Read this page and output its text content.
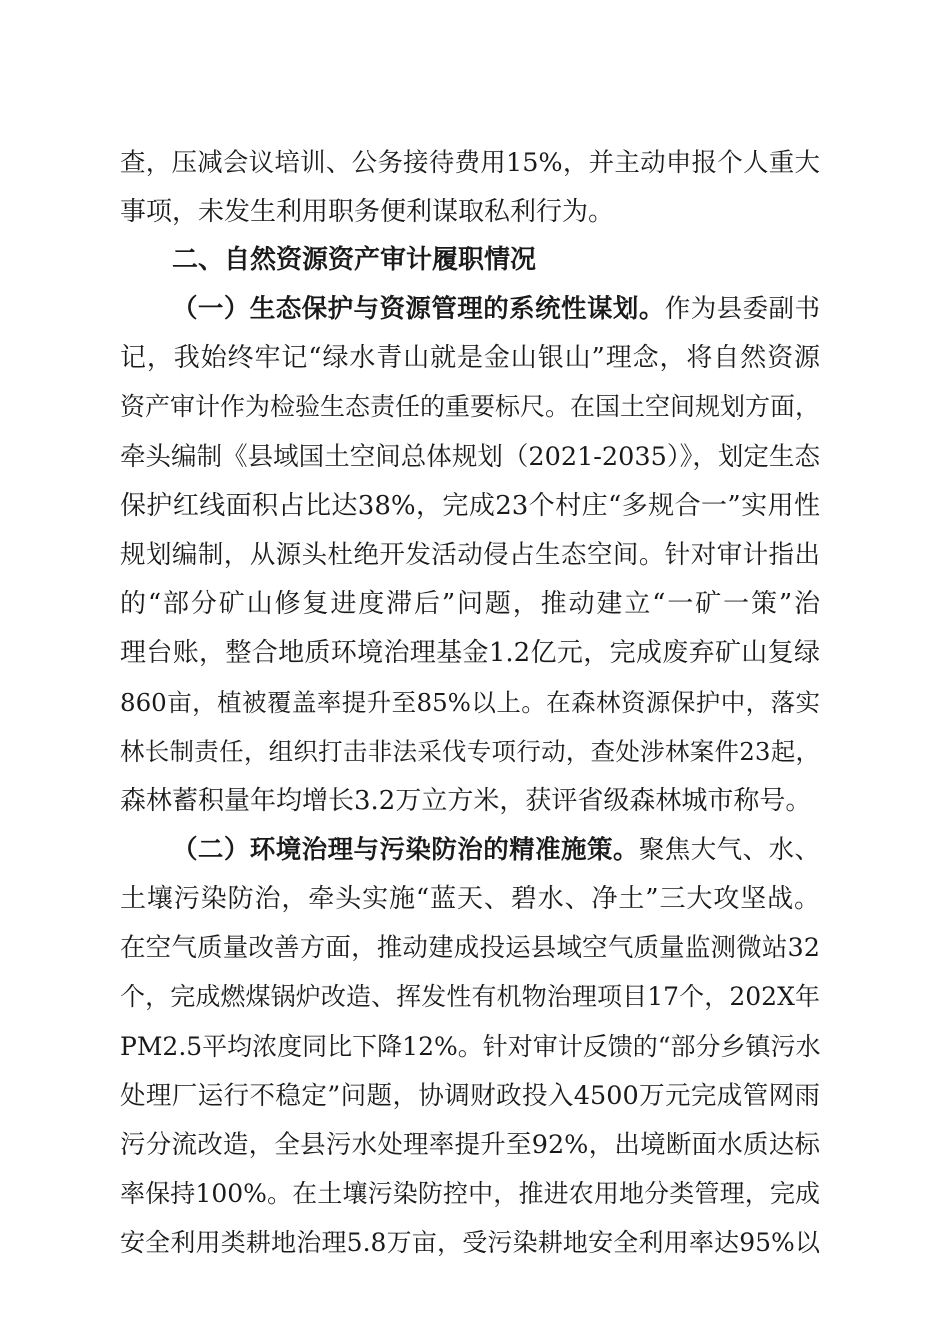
查，压减会议培训、公务接待费用15%，并主动申报个人重大
事项，未发生利用职务便利谋取私利行为。
二、自然资源资产审计履职情况
（一）生态保护与资源管理的系统性谋划。作为县委副书
记，我始终牢记“绿水青山就是金山银山”理念，将自然资源
资产审计作为检验生态责任的重要标尺。在国土空间规划方面，
牵头编制《县域国土空间总体规划（2021-2035）》，划定生态
保护红线面积占比达38%，完成23个村庄“多规合一”实用性
规划编制，从源头杜绝开发活动侵占生态空间。针对审计指出
的“部分矿山修复进度滞后”问题，推动建立“一矿一策”治
理台账，整合地质环境治理基金1.2亿元，完成废弃矿山复绿
860亩，植被覆盖率提升至85%以上。在森林资源保护中，落实
林长制责任，组织打击非法采伐专项行动，查处涉林案件23起，
森林蓄积量年均增长3.2万立方米，获评省级森林城市称号。
（二）环境治理与污染防治的精准施策。聚焦大气、水、
土壤污染防治，牵头实施“蓝天、碧水、净土”三大攻坚战。
在空气质量改善方面，推动建成投运县域空气质量监测微站32
个，完成燃煤锅炉改造、挥发性有机物治理项目17个，202X年
PM2.5平均浓度同比下降12%。针对审计反馈的“部分乡镇污水
处理厂运行不稳定”问题，协调财政投入4500万元完成管网雨
污分流改造，全县污水处理率提升至92%，出境断面水质达标
率保持100%。在土壤污染防控中，推进农用地分类管理，完成
安全利用类耕地治理5.8万亩，受污染耕地安全利用率达95%以
